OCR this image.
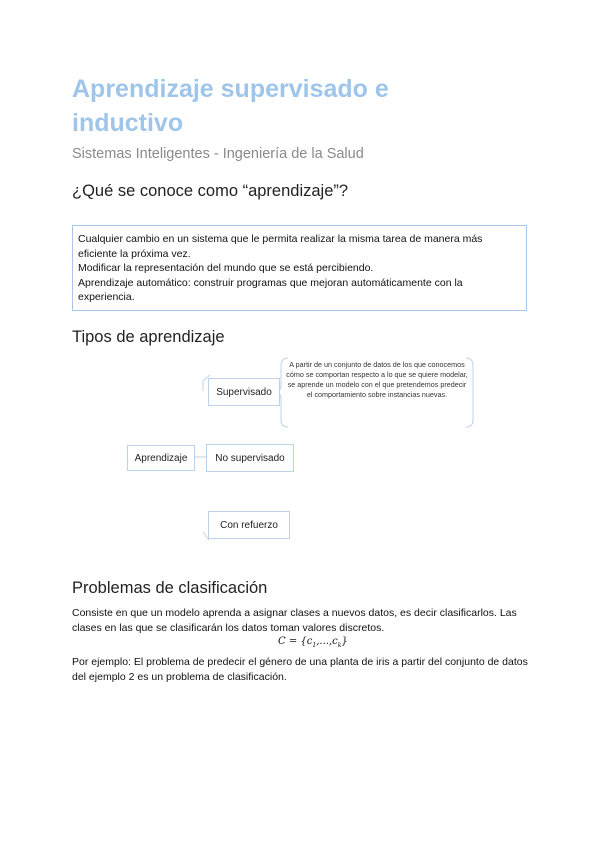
Aprendizaje supervisado e inductivo
Sistemas Inteligentes - Ingeniería de la Salud
¿Qué se conoce como “aprendizaje”?

Cualquier cambio en un sistema que le permita realizar la misma tarea de manera más eficiente la próxima vez.

Modificar la representación del mundo que se está percibiendo.

Aprendizaje automático: construir programas que mejoran automáticamente con la experiencia.

Tipos de aprendizaje
Supervisado
A partir de un conjunto de datos de los que conocemos cómo se comportan respecto a lo que se quiere modelar, se aprende un modelo con el que pretendemos predecir el comportamiento sobre instancias nuevas.
Aprendizaje	No supervisado
Con refuerzo
Problemas de clasificación

Consiste en que un modelo aprenda a asignar clases a nuevos datos, es decir clasificarlos. Las clases en las que se clasificarán los datos toman valores discretos.

$C = \{c_1,...,c_k\}$

Por ejemplo: El problema de predecir el género de una planta de iris a partir del conjunto de datos del ejemplo 2 es un problema de clasificación.
